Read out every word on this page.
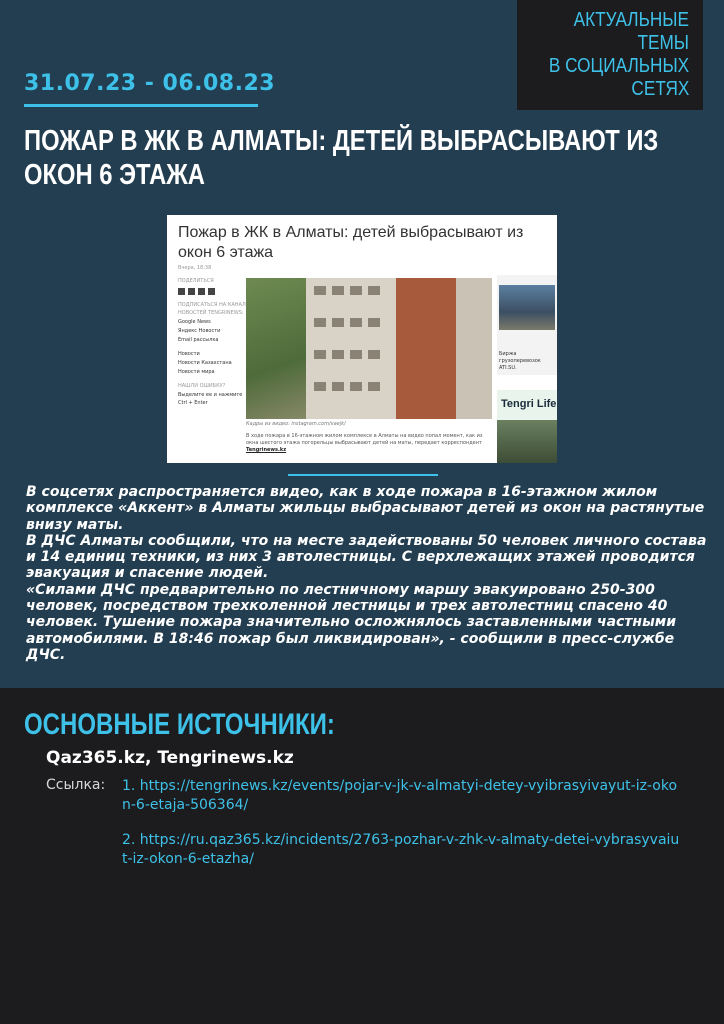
АКТУАЛЬНЫЕ ТЕМЫ
В СОЦИАЛЬНЫХ
СЕТЯХ
31.07.23 - 06.08.23
ПОЖАР В ЖК В АЛМАТЫ: ДЕТЕЙ ВЫБРАСЫВАЮТ ИЗ ОКОН 6 ЭТАЖА
Пожар в ЖК в Алматы: детей выбрасывают из окон 6 этажа
Вчера, 18:38

ПОДЕЛИТЬСЯ

ПОДПИСАТЬСЯ НА КАНАЛ НОВОСТЕЙ TENGRINEWS:

Google News

Яндекс Новости

Email рассылка

Новости

Новости Казахстана

Новости мира

НАШЛИ ОШИБКУ?

Выделите ее и нажмите Ctrl + Enter

Кадры из видео: instagram.com/vaejk/
В ходе пожара в 16-этажном жилом комплексе в Алматы на видео попал момент, как из окна шестого этажа погорельцы выбрасывают детей на маты, передает корреспондент Tengrinews.kz
Биржа грузоперевозок ATI.SU.
Tengri Life

В соцсетях распространяется видео, как в ходе пожара в 16-этажном жилом комплексе «Аккент» в Алматы жильцы выбрасывают детей из окон на растянутые внизу маты.

В ДЧС Алматы сообщили, что на месте задействованы 50 человек личного состава и 14 единиц техники, из них 3 автолестницы. С верхлежащих этажей проводится эвакуация и спасение людей.

«Силами ДЧС предварительно по лестничному маршу эвакуировано 250-300 человек, посредством трехколенной лестницы и трех автолестниц спасено 40 человек. Тушение пожара значительно осложнялось заставленными частными автомобилями. В 18:46 пожар был ликвидирован», - сообщили в пресс-службе ДЧС.

ОСНОВНЫЕ ИСТОЧНИКИ:
Qaz365.kz, Tengrinews.kz
Ссылка: 1. https://tengrinews.kz/events/pojar-v-jk-v-almatyi-detey-vyibrasyivayut-iz-okon-6-etaja-506364/
2. https://ru.qaz365.kz/incidents/2763-pozhar-v-zhk-v-almaty-detei-vybrasyvaiut-iz-okon-6-etazha/
